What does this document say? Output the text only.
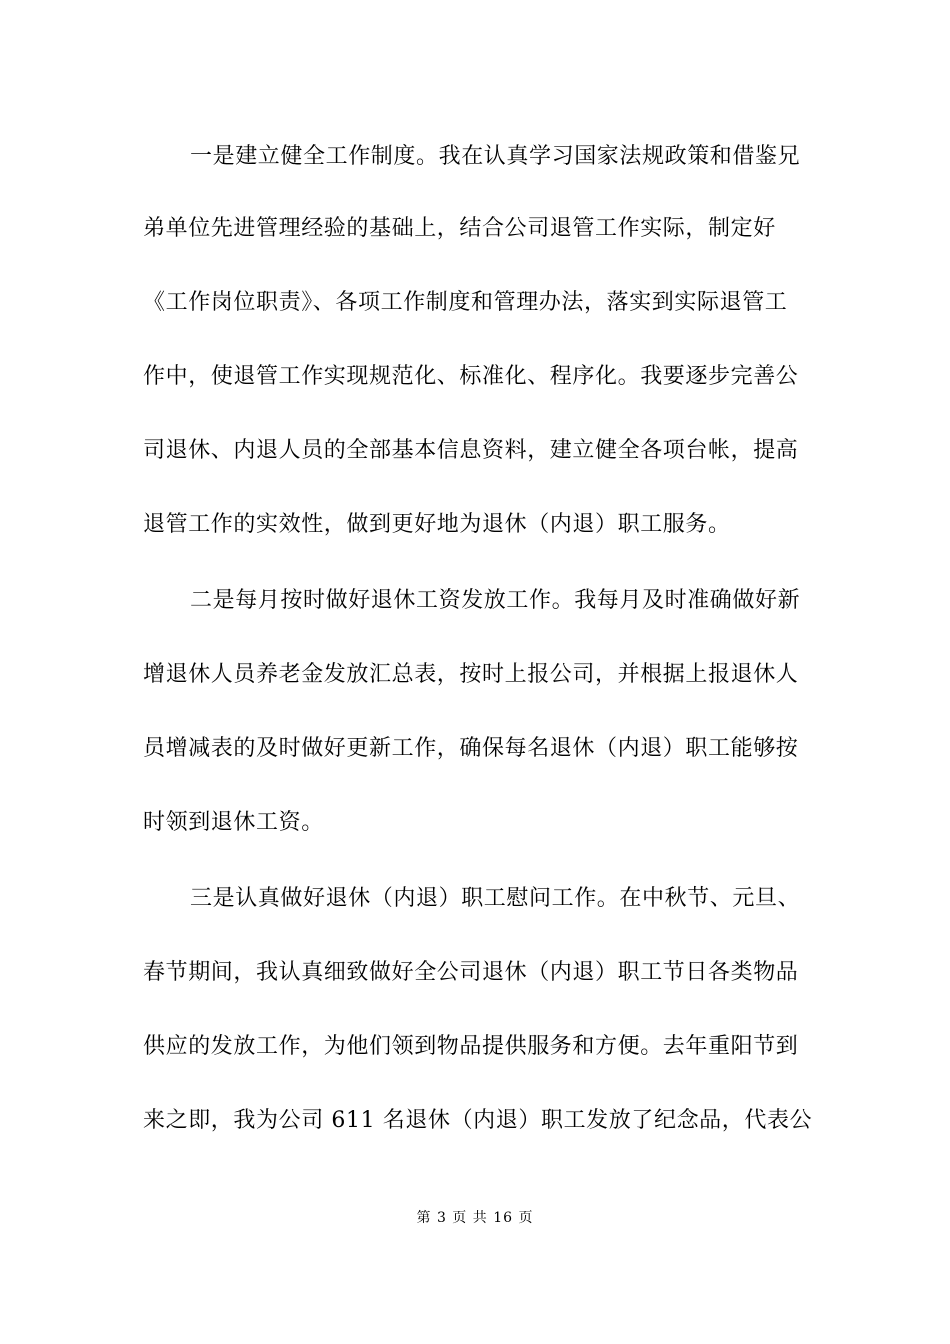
一是建立健全工作制度。我在认真学习国家法规政策和借鉴兄
弟单位先进管理经验的基础上，结合公司退管工作实际，制定好
《工作岗位职责》、各项工作制度和管理办法，落实到实际退管工
作中，使退管工作实现规范化、标准化、程序化。我要逐步完善公
司退休、内退人员的全部基本信息资料，建立健全各项台帐，提高
退管工作的实效性，做到更好地为退休（内退）职工服务。
二是每月按时做好退休工资发放工作。我每月及时准确做好新
增退休人员养老金发放汇总表，按时上报公司，并根据上报退休人
员增减表的及时做好更新工作，确保每名退休（内退）职工能够按
时领到退休工资。
三是认真做好退休（内退）职工慰问工作。在中秋节、元旦、
春节期间，我认真细致做好全公司退休（内退）职工节日各类物品
供应的发放工作，为他们领到物品提供服务和方便。去年重阳节到
来之即，我为公司 611 名退休（内退）职工发放了纪念品，代表公
第 3 页 共 16 页
